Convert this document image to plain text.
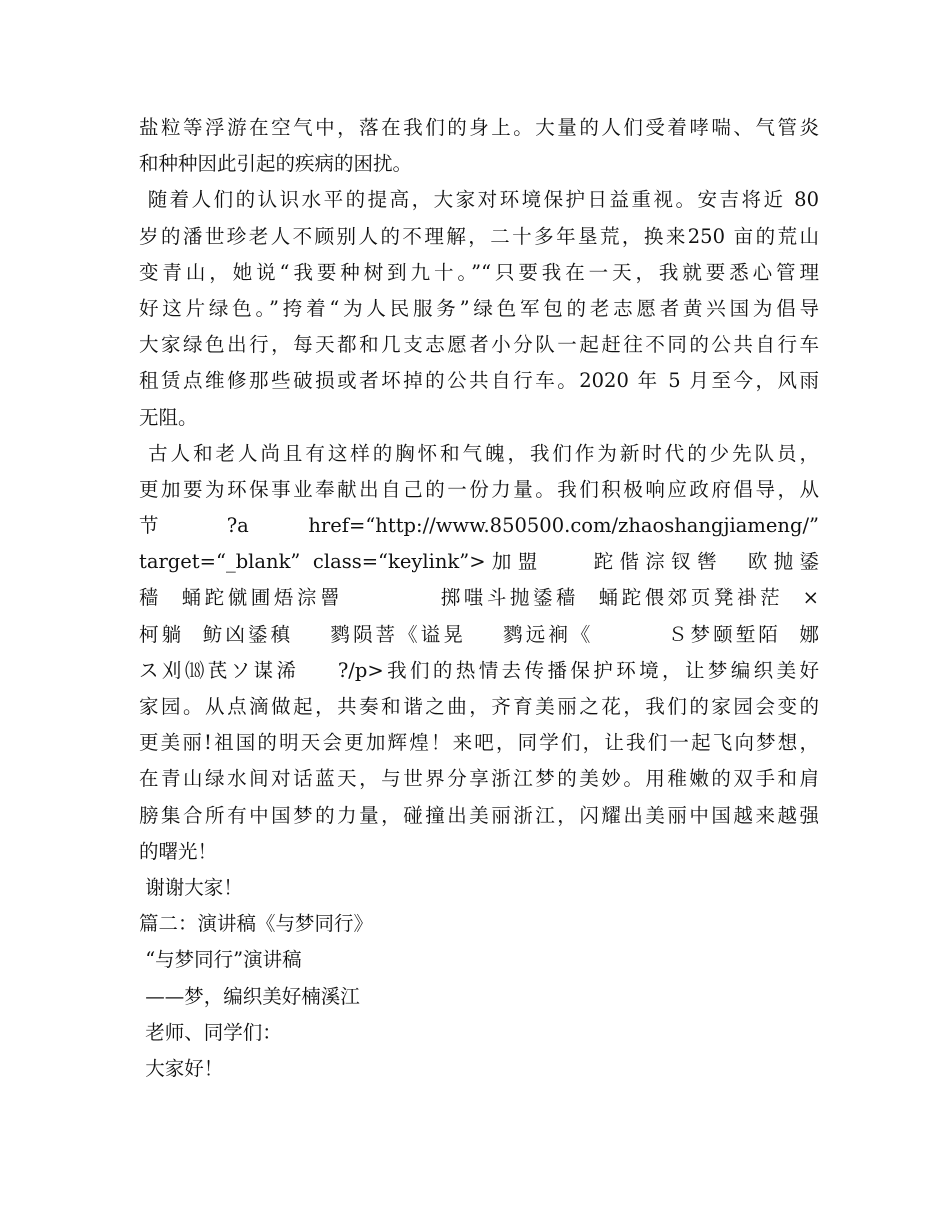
盐粒等浮游在空气中，落在我们的身上。大量的人们受着哮喘、气管炎
和种种因此引起的疾病的困扰。
随着人们的认识水平的提高，大家对环境保护日益重视。安吉将近 80
岁的潘世珍老人不顾别人的不理解，二十多年垦荒，换来250 亩的荒山
变青山，她说“我要种树到九十。”“只要我在一天，我就要悉心管理
好这片绿色。”挎着“为人民服务”绿色军包的老志愿者黄兴国为倡导
大家绿色出行，每天都和几支志愿者小分队一起赶往不同的公共自行车
租赁点维修那些破损或者坏掉的公共自行车。2020 年 5 月至今，风雨
无阻。
古人和老人尚且有这样的胸怀和气魄，我们作为新时代的少先队员，
更加要为环保事业奉献出自己的一份力量。我们积极响应政府倡导，从
节    ?a    href=“http://www.850500.com/zhaoshangjiameng/”
target=“_blank” class=“keylink”>加盟    跎偕淙钗辔  欧抛鋈
穑  蛹跎僦圃焐淙罾          掷嗤斗抛鋈穑  蛹跎偎郊页凳褂茫  ×
柯躺  鲂凶鋈稹    鹨陨菩《谥晃    鹨远裥《        Ｓ梦颐堑陌  娜
ス刈⒅芪ソ谋浠    ?/p>我们的热情去传播保护环境，让梦编织美好
家园。从点滴做起，共奏和谐之曲，齐育美丽之花，我们的家园会变的
更美丽!祖国的明天会更加辉煌！来吧，同学们，让我们一起飞向梦想，
在青山绿水间对话蓝天，与世界分享浙江梦的美妙。用稚嫩的双手和肩
膀集合所有中国梦的力量，碰撞出美丽浙江，闪耀出美丽中国越来越强
的曙光！
谢谢大家！
篇二：演讲稿《与梦同行》
“与梦同行”演讲稿
——梦，编织美好楠溪江
老师、同学们：
大家好！
